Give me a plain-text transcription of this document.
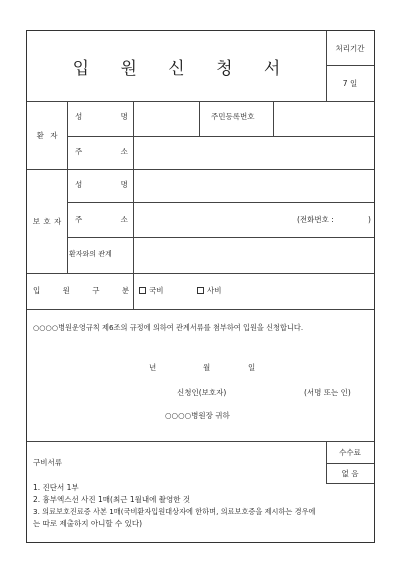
입 원 신 청 서
처리기간
7 일
환 자
성 명	주민등록번호
주 소
보 호 자
성 명
주 소	(전화번호 :	)
환자와의 관계
입 원 구 분	국비	사비
○○○○병원운영규칙 제6조의 규정에 의하여 관계서류를 첨부하여 입원을 신청합니다.
년	월	일
신청인(보호자)	(서명 또는 인)
○○○○병원장 귀하
구비서류
수수료
없 음
1. 진단서 1부
2. 흉부엑스선 사진 1매(최근 1월내에 촬영한 것
3. 의료보호진료증 사본 1매(국비환자입원대상자에 한하며, 의료보호증을 제시하는 경우에
는 따로 제출하지 아니할 수 있다)
